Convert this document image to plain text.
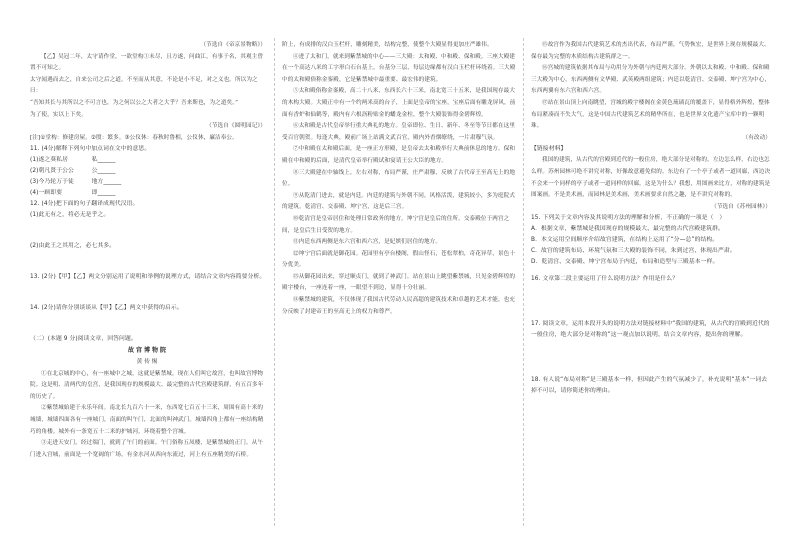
（节选自《帝京景物略》）

【乙】吴冠二年，太守请作堂，一欲堂构①未尽，且方遂，问曲江，有事于名，其观主曾置不可知之。

太守闻遇而去之，自来公司之后之道。不至而从其意，不论是小不足，对之义也。所以为之曰：

“吾知其长与其所以之不可言也，为之何以公之大者之大乎？吾来斯也，为之道矣。”

为了使，实以上下矣。

（节选自《圆明园记》）

[注]①堂构：修建房屋。②殷：繁多。③公仪休：春秋时鲁相，公仪休，廉洁奉公。

11. (4分)解释下列句中加点词在文中的意思。

(1)遂之葵私居　　　　私______

(2)朝凡贤于公公　　　公______

(3)今乃轮万于徒　　　地方______

(4)一顾即要　　　　　即______

12. (4分)把下面的句子翻译成现代汉语。

(1)此无有之，将必无是乎之。

(2)由此王之其用之，必七其多。

13. (2分)【甲】【乙】两文分别运用了说明和举例的说理方式，请结合文章内容简要分析。

14. (2分)请你分别谈谈从【甲】【乙】两文中获得的启示。

（二）(本题 9 分)阅读文章，回答问题。

故宫博物院

黄传惕

①在北京城的中心，有一座城中之城，这就是紫禁城。现在人们叫它故宫，也叫故宫博物院。这是明、清两代的皇宫，是我国现存的规模最大、最完整的古代宫殿建筑群，有五百多年的历史了。

②紫禁城始建于永乐年间。南北长九百六十一米，东西宽七百五十三米，周围有高十米的城墙，城墙四面各有一座城门，南面的叫午门，北面的叫神武门。城墙四角上都有一座结构精巧的角楼。城外有一条宽五十二米的护城河，环绕着整个宫城。

③走进天安门，经过端门，就到了午门的前面。午门俗称五凤楼，是紫禁城的正门。从午门进入宫城，前面是一个宽阔的广场，有金水河从西向东流过，河上有五座精美的石桥。

阶上，有成排的汉白玉栏杆，雕刻精美，结构完整，使整个大殿显得更加庄严雄伟。

④进了太和门，就来到紫禁城的中心——三大殿：太和殿、中和殿、保和殿。三座大殿建在一个高达八米的工字形白石台基上，台基分三层，每层边缘都有汉白玉栏杆环绕着。三大殿中的太和殿俗称金銮殿，它是紫禁城中最重要、最宏伟的建筑。

⑤太和殿俗称金銮殿，高二十八米，东西长六十三米，南北宽三十五米，是我国现存最大的木构大殿。大殿正中有一个约两米高的台子，上面是皇帝的宝座，宝座后面有雕龙屏风，前面有香炉和仙鹤等，殿内有六根沥粉贴金的蟠龙金柱，整个大殿装饰得金碧辉煌。

⑥太和殿是古代皇帝举行重大典礼的地方。皇帝即位、生日、新年、冬至等节日都在这里受百官朝贺。每逢大典，殿前广场上站满文武百官，殿内外香烟缭绕，一片肃穆气氛。

⑦中和殿在太和殿后面，是一座正方形殿，是皇帝去太和殿举行大典前休息的地方。保和殿在中和殿的后面，是清代皇帝举行殿试和宴请王公大臣的地方。

⑧三大殿建在中轴线上，左右对称，布局严谨，庄严肃穆，反映了古代帝王至高无上的地位。

⑨从乾清门进去，就是内廷。内廷的建筑与外朝不同，风格活泼，建筑较小，多为庭院式的建筑。乾清宫、交泰殿、坤宁宫，这是后三宫。

⑩乾清宫是皇帝居住和处理日常政务的地方。坤宁宫是皇后的住所。交泰殿位于两宫之间，是皇后生日受贺的地方。

⑪内廷东西两侧是东六宫和西六宫，是妃嫔们居住的地方。

⑫坤宁宫后面就是御花园。花园里有亭台楼阁，假山怪石，苍松翠柏，奇花异草，景色十分优美。

⑬从御花园出来，穿过顺贞门，就到了神武门。站在景山上眺望紫禁城，只见金碧辉煌的殿宇楼台，一座连着一座，一眼望不到边，显得十分壮丽。

⑭紫禁城的建筑，不仅体现了我国古代劳动人民高超的建筑技术和卓越的艺术才能，也充分反映了封建帝王的至高无上的权力和尊严。

⑮故宫作为我国古代建筑艺术的杰出代表，布局严谨，气势恢宏，是世界上现存规模最大、保存最为完整的木质结构古建筑群之一。

⑯宫城的建筑依据其布局与功用分为外朝与内廷两大部分。外朝以太和殿、中和殿、保和殿三大殿为中心，东西两侧有文华殿、武英殿两组建筑；内廷以乾清宫、交泰殿、坤宁宫为中心，东西两翼有东六宫和西六宫。

⑰站在景山顶上向南眺望，宫城的殿宇楼阁在金黄色琉璃瓦的覆盖下，显得格外辉煌，整体布局紧凑而不失大气，这是中国古代建筑艺术的精华所在，也是世界文化遗产宝库中的一颗明珠。

（有改动）

【链接材料】

我国的建筑，从古代的宫殿到近代的一般住房，绝大部分是对称的，左边怎么样，右边也怎么样。苏州园林可绝不讲究对称，好像故意避免似的。东边有了一个亭子或者一道回廊，西边决不会来一个同样的亭子或者一道同样的回廊。这是为什么？我想，用图画来比方，对称的建筑是图案画，不是美术画，而园林是美术画，美术画要求自然之趣，是不讲究对称的。

（节选自《苏州园林》）

15. 下列关于文章内容及其说明方法的理解和分析，不正确的一项是（　）

A．根据文章，紫禁城是我国现存的规模最大、最完整的古代宫殿建筑群。

B．本文运用空间顺序介绍故宫建筑，在结构上运用了“分—总”的结构。

C．故宫的建筑布局、环境气氛和三大殿的装饰不同，朱到过宫，体现出严肃。

D．乾清宫、交泰殿、坤宁宫布局于内廷，布局和造型与三殿基本一样。

16. 文章第二段主要运用了什么说明方法？作用是什么？

17. 阅读文章，运用本段开头的说明方法对链接材料中“我国的建筑，从古代的宫殿到近代的一般住房，绝大部分是对称的”这一观点加以说明，结合文章内容，提出你的理解。

18. 有人说“布局对称”是三殿基本一样，但因此产生的气氛减少了，补充说明“基本”一词去掉不可以，请你简述你的理由。
